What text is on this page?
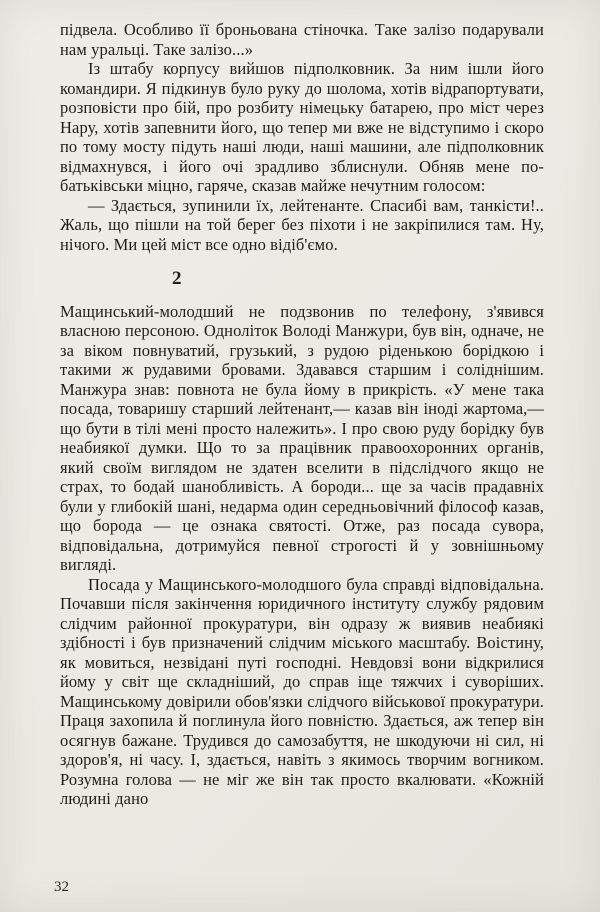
підвела. Особливо її броньована стіночка. Таке залізо подарували нам уральці. Таке залізо...»

Із штабу корпусу вийшов підполковник. За ним ішли його командири. Я підкинув було руку до шолома, хотів відрапортувати, розповісти про бій, про розбиту німецьку батарею, про міст через Нару, хотів запевнити його, що тепер ми вже не відступимо і скоро по тому мосту підуть наші люди, наші машини, але підполковник відмахнувся, і його очі зрадливо зблиснули. Обняв мене по-батьківськи міцно, гаряче, сказав майже нечутним голосом:

— Здається, зупинили їх, лейтенанте. Спасибі вам, танкісти!.. Жаль, що пішли на той берег без піхоти і не закріпилися там. Ну, нічого. Ми цей міст все одно відіб'ємо.

2

Мащинський-молодший не подзвонив по телефону, з'явився власною персоною. Одноліток Володі Манжури, був він, одначе, не за віком повнуватий, грузький, з рудою ріденькою борідкою і такими ж рудавими бровами. Здавався старшим і соліднішим. Манжура знав: повнота не була йому в прикрість. «У мене така посада, товаришу старший лейтенант,— казав він іноді жартома,— що бути в тілі мені просто належить». І про свою руду борідку був неабиякої думки. Що то за працівник правоохоронних органів, який своїм виглядом не здатен вселити в підслідчого якщо не страх, то бодай шанобливість. А бороди... ще за часів прадавніх були у глибокій шані, недарма один середньовічний філософ казав, що борода — це ознака святості. Отже, раз посада сувора, відповідальна, дотримуйся певної строгості й у зовнішньому вигляді.

Посада у Мащинського-молодшого була справді відповідальна. Почавши після закінчення юридичного інституту службу рядовим слідчим районної прокуратури, він одразу ж виявив неабиякі здібності і був призначений слідчим міського масштабу. Воістину, як мовиться, незвідані путі господні. Невдовзі вони відкрилися йому у світ ще складніший, до справ іще тяжчих і суворіших. Мащинському довірили обов'язки слідчого військової прокуратури. Праця захопила й поглинула його повністю. Здається, аж тепер він осягнув бажане. Трудився до самозабуття, не шкодуючи ні сил, ні здоров'я, ні часу. І, здається, навіть з якимось творчим вогником. Розумна голова — не міг же він так просто вкалювати. «Кожній людині дано

32
